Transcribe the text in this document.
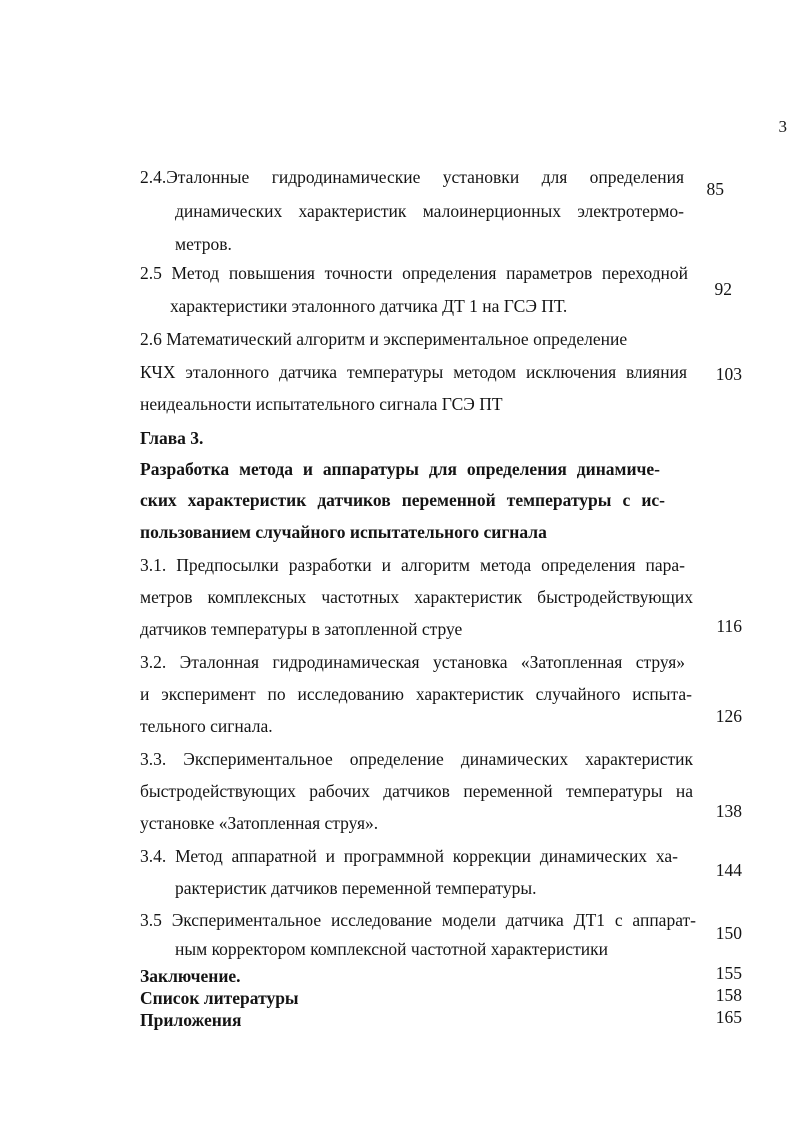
3
2.4.Эталонные гидродинамические установки для определения
динамических характеристик малоинерционных электротермо-
метров.
85
2.5 Метод повышения точности определения параметров переходной
характеристики эталонного датчика ДТ 1 на ГСЭ ПТ.
92
2.6 Математический алгоритм и экспериментальное определение
КЧХ эталонного датчика температуры методом исключения влияния
неидеальности испытательного сигнала ГСЭ ПТ
103
Глава 3.
Разработка метода и аппаратуры для определения динамиче-
ских характеристик датчиков переменной температуры с ис-
пользованием случайного испытательного сигнала
3.1. Предпосылки разработки и алгоритм метода определения пара-
метров комплексных частотных характеристик быстродействующих
датчиков температуры в затопленной струе	116
3.2. Эталонная гидродинамическая установка «Затопленная струя»
и эксперимент по исследованию характеристик случайного испыта-
тельного сигнала.	126
3.3. Экспериментальное определение динамических характеристик
быстродействующих рабочих датчиков переменной температуры на
установке «Затопленная струя».
138
3.4. Метод аппаратной и программной коррекции динамических ха-
рактеристик датчиков переменной температуры.
144
3.5 Экспериментальное исследование модели датчика ДТ1 с аппарат-
ным корректором комплексной частотной характеристики
150
Заключение.	155
Список литературы	158
Приложения	165
